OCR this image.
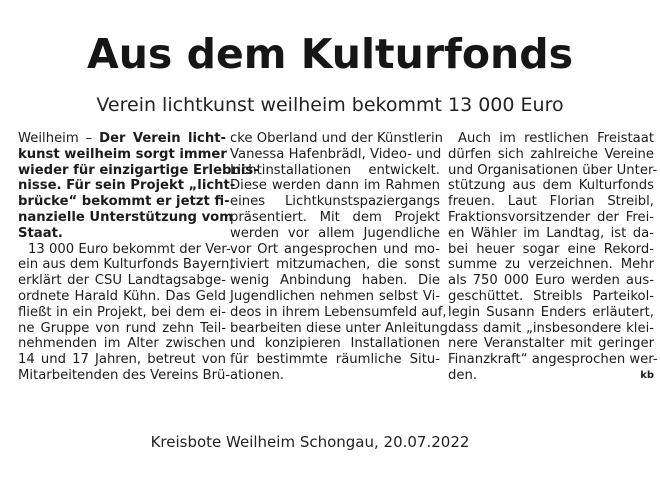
Aus dem Kulturfonds
Verein lichtkunst weilheim bekommt 13 000 Euro
Weilheim – Der Verein licht-
kunst weilheim sorgt immer
wieder für einzigartige Erlebnis-
nisse. Für sein Projekt „licht-
brücke“ bekommt er jetzt fi-
nanzielle Unterstützung vom
Staat.
13 000 Euro bekommt der Ver-
ein aus dem Kulturfonds Bayern,
erklärt der CSU Landtagsabge-
ordnete Harald Kühn. Das Geld
fließt in ein Projekt, bei dem ei-
ne Gruppe von rund zehn Teil-
nehmenden im Alter zwischen
14 und 17 Jahren, betreut von
Mitarbeitenden des Vereins Brü-
cke Oberland und der Künstlerin
Vanessa Hafenbrädl, Video- und
Lichtinstallationen entwickelt.
Diese werden dann im Rahmen
eines Lichtkunstspaziergangs
präsentiert. Mit dem Projekt
werden vor allem Jugendliche
vor Ort angesprochen und mo-
tiviert mitzumachen, die sonst
wenig Anbindung haben. Die
Jugendlichen nehmen selbst Vi-
deos in ihrem Lebensumfeld auf,
bearbeiten diese unter Anleitung
und konzipieren Installationen
für bestimmte räumliche Situ-
ationen.
Auch im restlichen Freistaat
dürfen sich zahlreiche Vereine
und Organisationen über Unter-
stützung aus dem Kulturfonds
freuen. Laut Florian Streibl,
Fraktionsvorsitzender der Frei-
en Wähler im Landtag, ist da-
bei heuer sogar eine Rekord-
summe zu verzeichnen. Mehr
als 750 000 Euro werden aus-
geschüttet. Streibls Parteikol-
legin Susann Enders erläutert,
dass damit „insbesondere klei-
nere Veranstalter mit geringer
Finanzkraft“ angesprochen wer-
den.	kb
Kreisbote Weilheim Schongau, 20.07.2022
